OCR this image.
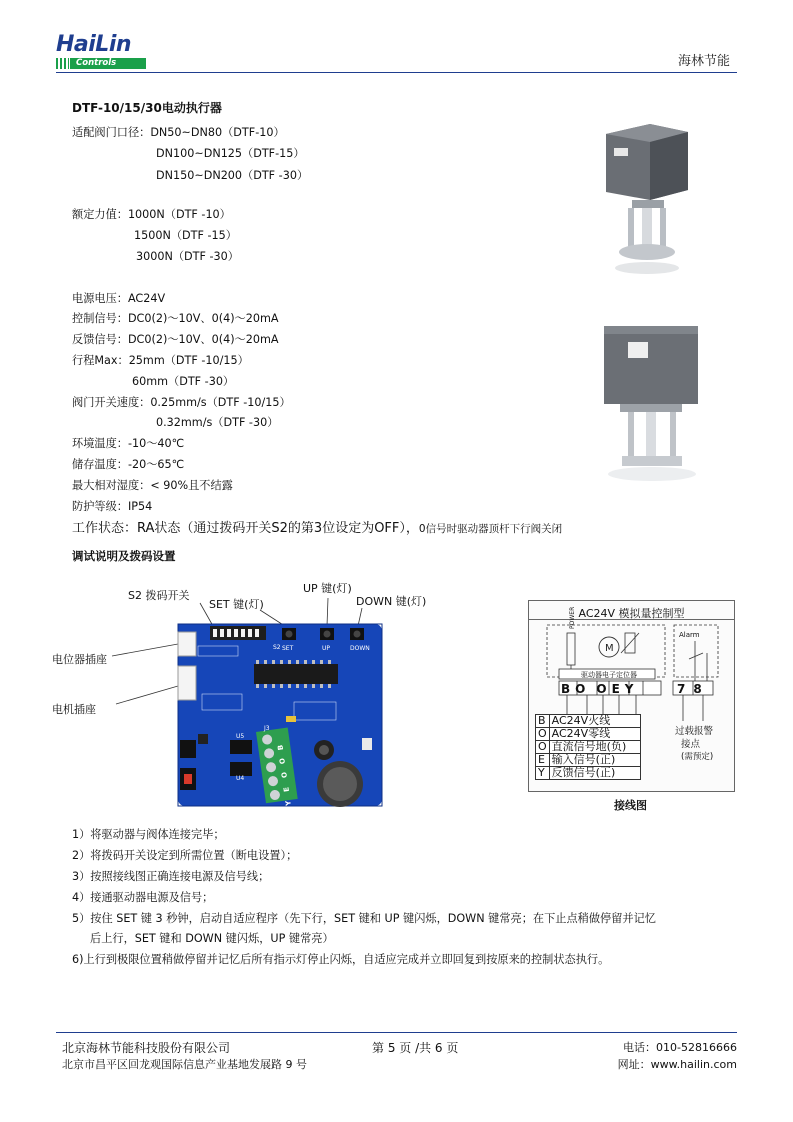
HaiLin
Controls	海林节能
DTF-10/15/30电动执行器
适配阀门口径：DN50~DN80（DTF-10）
DN100~DN125（DTF-15）
DN150~DN200（DTF -30）
额定力值：1000N（DTF -10）
1500N（DTF -15）
3000N（DTF -30）
电源电压：AC24V
控制信号：DC0(2)～10V、0(4)～20mA
反馈信号：DC0(2)～10V、0(4)～20mA
行程Max：25mm（DTF -10/15）
60mm（DTF -30）
阀门开关速度：0.25mm/s（DTF -10/15）
0.32mm/s（DTF -30）
环境温度：-10～40℃
储存温度：-20～65℃
最大相对湿度：< 90%且不结露
防护等级：IP54
工作状态：RA状态（通过拨码开关S2的第3位设定为OFF），0信号时驱动器顶杆下行阀关闭
调试说明及拨码设置
S2 拨码开关
SET 键(灯)
UP 键(灯)
DOWN 键(灯)
电位器插座
电机插座
S2 SET	UP	DOWN
J3
U5
U4
B
O
O
E
Y
AC24V 模拟量控制型
M
POWER
Alarm
驱动器电子定位器
BO OEY	78
B	AC24V火线
O	AC24V零线
O	直流信号地(负)
E	输入信号(正)
Y	反馈信号(正)
过载报警
接点
(需预定)
接线图
1）将驱动器与阀体连接完毕；
2）将拨码开关设定到所需位置（断电设置）；
3）按照接线图正确连接电源及信号线；
4）接通驱动器电源及信号；
5）按住 SET 键 3 秒钟，启动自适应程序（先下行，SET 键和 UP 键闪烁，DOWN 键常亮；在下止点稍做停留并记忆
后上行，SET 键和 DOWN 键闪烁，UP 键常亮）
6)上行到极限位置稍做停留并记忆后所有指示灯停止闪烁，自适应完成并立即回复到按原来的控制状态执行。
北京海林节能科技股份有限公司
北京市昌平区回龙观国际信息产业基地发展路 9 号
第 5 页 /共 6 页	电话：010-52816666
网址：www.hailin.com
